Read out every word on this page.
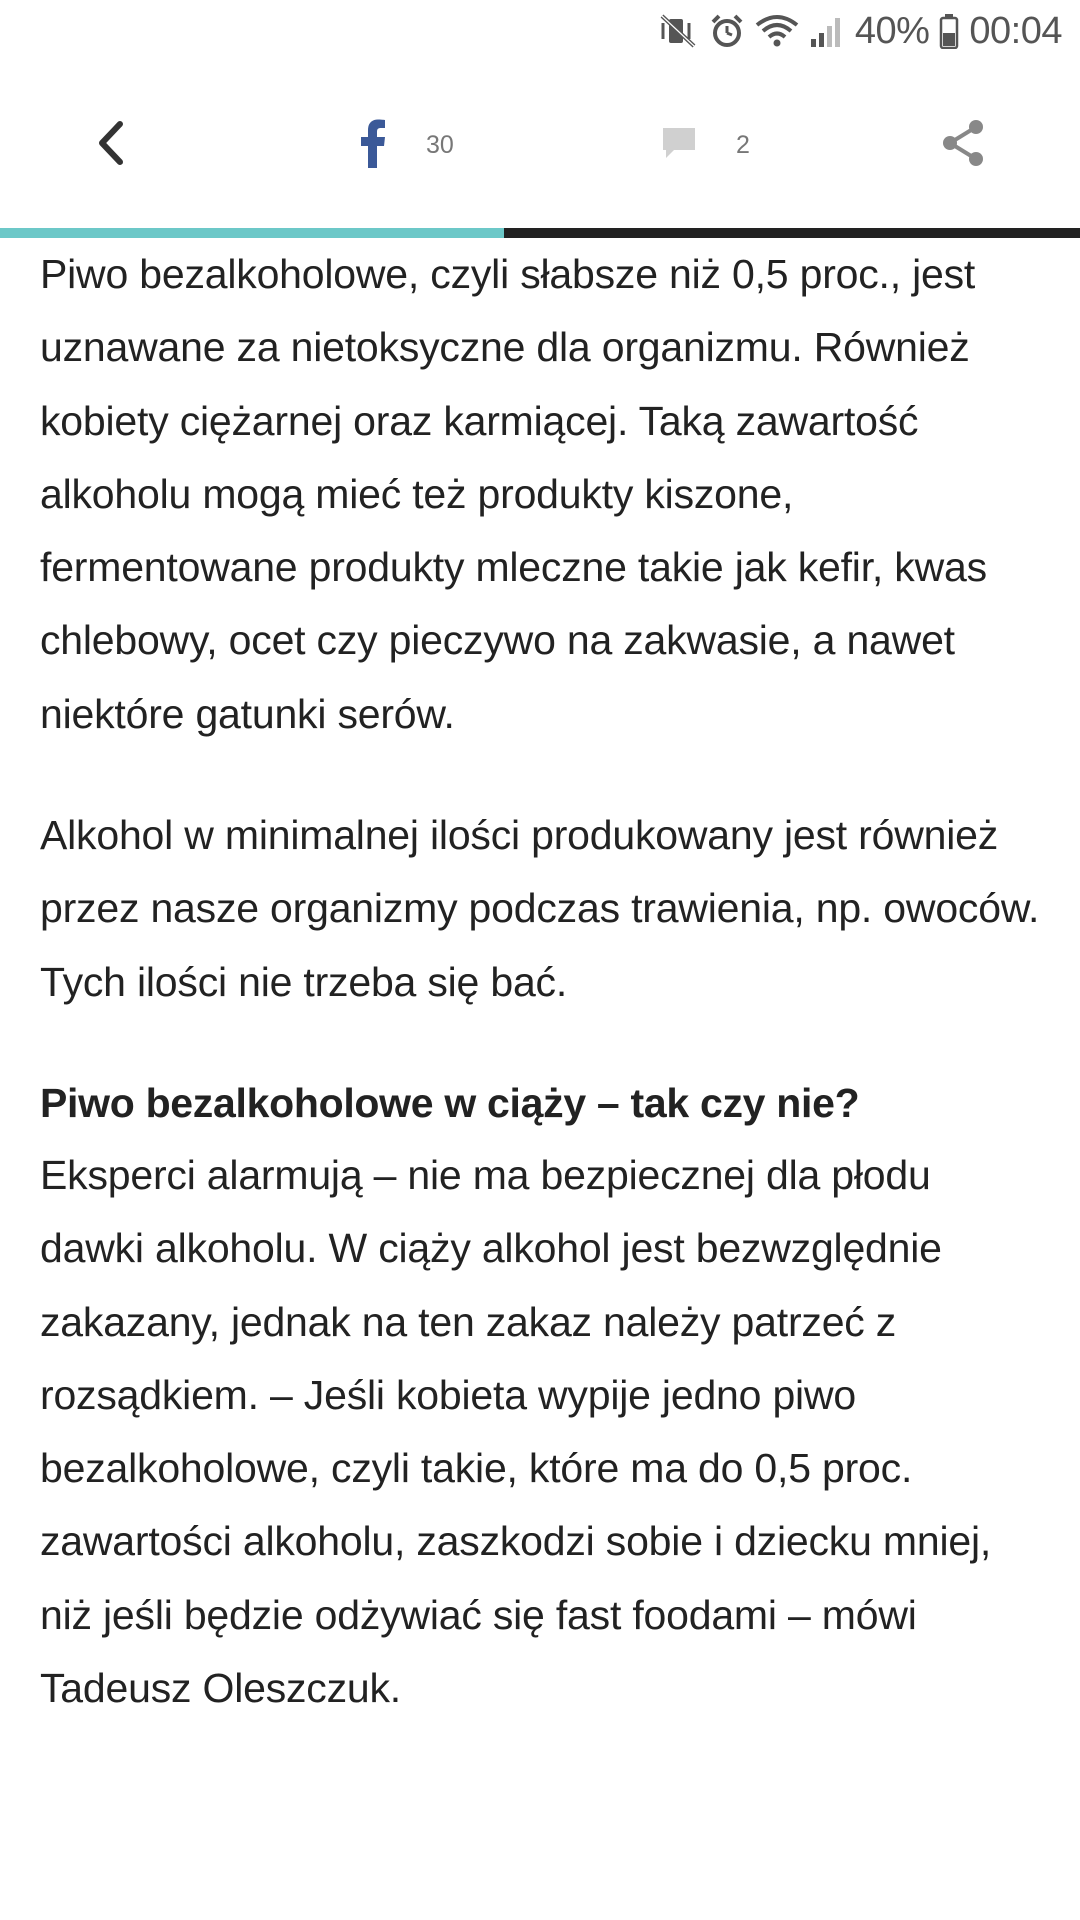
40% 00:04
30	2

Piwo bezalkoholowe, czyli słabsze niż 0,5 proc., jest uznawane za nietoksyczne dla organizmu. Również kobiety ciężarnej oraz karmiącej. Taką zawartość alkoholu mogą mieć też produkty kiszone, fermentowane produkty mleczne takie jak kefir, kwas chlebowy, ocet czy pieczywo na zakwasie, a nawet niektóre gatunki serów.

Alkohol w minimalnej ilości produkowany jest również przez nasze organizmy podczas trawienia, np. owoców. Tych ilości nie trzeba się bać.

Piwo bezalkoholowe w ciąży – tak czy nie?

Eksperci alarmują – nie ma bezpiecznej dla płodu dawki alkoholu. W ciąży alkohol jest bezwzględnie zakazany, jednak na ten zakaz należy patrzeć z rozsądkiem. – Jeśli kobieta wypije jedno piwo bezalkoholowe, czyli takie, które ma do 0,5 proc. zawartości alkoholu, zaszkodzi sobie i dziecku mniej, niż jeśli będzie odżywiać się fast foodami – mówi Tadeusz Oleszczuk.
